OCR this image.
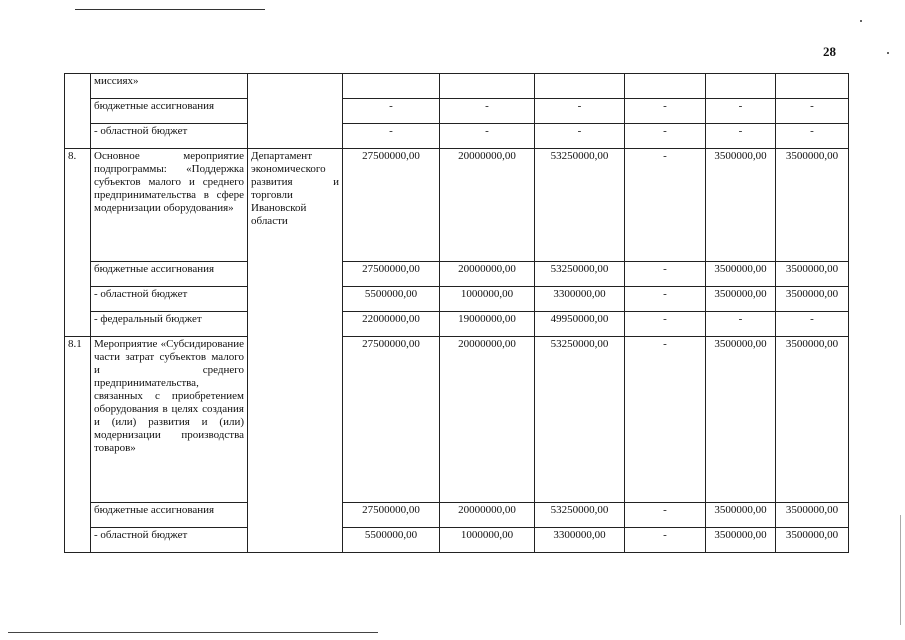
28
	миссиях»							
	бюджетные ассигнования		-	-	-	-	-	-
	- областной бюджет		-	-	-	-	-	-
8.	Основное мероприятие подпрограммы: «Поддержка субъектов малого и среднего предпринимательства в сфере модернизации оборудования»	Департамент экономического развития и торговли Ивановской области	27500000,00	20000000,00	53250000,00	-	3500000,00	3500000,00
	бюджетные ассигнования		27500000,00	20000000,00	53250000,00	-	3500000,00	3500000,00
	- областной бюджет		5500000,00	1000000,00	3300000,00	-	3500000,00	3500000,00
	- федеральный бюджет		22000000,00	19000000,00	49950000,00	-	-	-
8.1	Мероприятие «Субсидирование части затрат субъектов малого и среднего предпринимательства, связанных с приобретением оборудования в целях создания и (или) развития и (или) модернизации производства товаров»		27500000,00	20000000,00	53250000,00	-	3500000,00	3500000,00
	бюджетные ассигнования		27500000,00	20000000,00	53250000,00	-	3500000,00	3500000,00
	- областной бюджет		5500000,00	1000000,00	3300000,00	-	3500000,00	3500000,00
